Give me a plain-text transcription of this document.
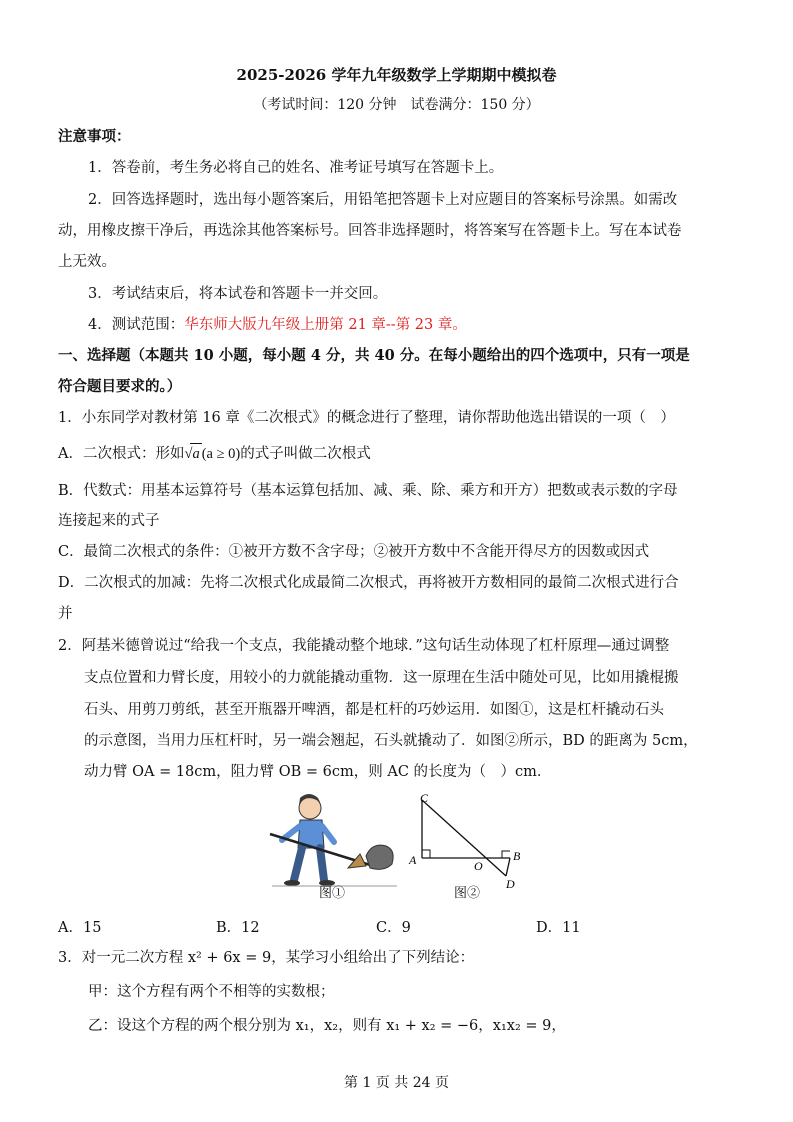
2025-2026 学年九年级数学上学期期中模拟卷
（考试时间：120 分钟　试卷满分：150 分）
注意事项：
1．答卷前，考生务必将自己的姓名、准考证号填写在答题卡上。
2．回答选择题时，选出每小题答案后，用铅笔把答题卡上对应题目的答案标号涂黑。如需改
动，用橡皮擦干净后，再选涂其他答案标号。回答非选择题时，将答案写在答题卡上。写在本试卷
上无效。
3．考试结束后，将本试卷和答题卡一并交回。
4．测试范围：华东师大版九年级上册第 21 章--第 23 章。
一、选择题（本题共 10 小题，每小题 4 分，共 40 分。在每小题给出的四个选项中，只有一项是
符合题目要求的。）
1．小东同学对教材第 16 章《二次根式》的概念进行了整理，请你帮助他选出错误的一项（　）
A．二次根式：形如√a (a ≥ 0)的式子叫做二次根式
B．代数式：用基本运算符号（基本运算包括加、减、乘、除、乘方和开方）把数或表示数的字母
连接起来的式子
C．最简二次根式的条件：①被开方数不含字母；②被开方数中不含能开得尽方的因数或因式
D．二次根式的加减：先将二次根式化成最简二次根式，再将被开方数相同的最简二次根式进行合
并
2．阿基米德曾说过“给我一个支点，我能撬动整个地球．”这句话生动体现了杠杆原理—通过调整
支点位置和力臂长度，用较小的力就能撬动重物．这一原理在生活中随处可见，比如用撬棍搬
石头、用剪刀剪纸，甚至开瓶器开啤酒，都是杠杆的巧妙运用．如图①，这是杠杆撬动石头
的示意图，当用力压杠杆时，另一端会翘起，石头就撬动了．如图②所示，BD 的距离为 5cm，
动力臂 OA = 18cm，阻力臂 OB = 6cm，则 AC 的长度为（　）cm．
图①
C
A	O
B
D
图②
A．15	B．12	C．9	D．11
3．对一元二次方程 x² + 6x = 9，某学习小组给出了下列结论：
甲：这个方程有两个不相等的实数根；
乙：设这个方程的两个根分别为 x₁，x₂，则有 x₁ + x₂ = −6，x₁x₂ = 9，
第 1 页 共 24 页
